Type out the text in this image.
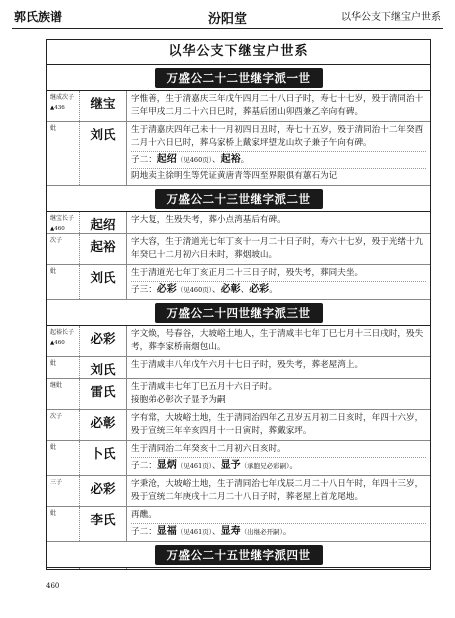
郭氏族谱	汾阳堂	以华公支下继宝户世系
以华公支下继宝户世系
万盛公二十二世继字派一世
继成次子
▲436	继宝	字惟善，生于清嘉庆三年戊午四月二十八日子时，寿七十七岁，殁于清同治十三年甲戌二月二十六日巳时，葬基后团山卯酉兼乙辛向有碑。
妣	刘氏	生于清嘉庆四年己未十一月初四日丑时，寿七十五岁，殁于清同治十二年癸酉二月十六日巳时，葬乌家桥上戴家坪望龙山坎子兼子午向有碑。
子二：起绍（见460页）、起裕。
阴地卖主徐明生等凭证黄唐青等四至界限俱有蕙石为记
万盛公二十三世继字派二世
继宝长子
▲460	起绍	字大复，生殁失考，葬小点湾基后有碑。
次子	起裕	字大容，生于清道光七年丁亥十一月二十日子时，寿六十七岁，殁于光绪十九年癸巳十二月初六日未时，葬烟坡山。
妣	刘氏	生于清道光七年丁亥正月二十三日子时，殁失考，葬同夫坐。
子三：必彩（见460页）、必彰、必彩。
万盛公二十四世继字派三世
起裕长子
▲460	必彩	字文焕，号春谷，大坡峪土地人，生于清咸丰七年丁巳七月十三日戌时，殁失考，葬李家桥南烟包山。
妣	刘氏	生于清咸丰八年戊午六月十七日子时，殁失考，葬老屋湾上。
继妣	雷氏	生于清咸丰七年丁巳五月十六日子时。
接胞弟必彰次子显予为嗣
次子	必彰	字有常，大坡峪土地，生于清同治四年乙丑岁五月初二日亥时，年四十六岁，殁于宣统三年辛亥四月十一日寅时，葬戴家坪。
妣	卜氏	生于清同治二年癸亥十二月初六日亥时。
子二：显炳（见461页）、显予（承胞兄必彩嗣）。
三子	必彩	字秉沧，大坡峪土地，生于清同治七年戊辰二月二十八日午时，年四十三岁，殁于宣统二年庚戌十二月二十八日子时，葬老屋上首龙尾地。
妣	李氏	再醮。
子二：显福（见461页）、显寿（出继必开嗣）。
万盛公二十五世继字派四世
460
